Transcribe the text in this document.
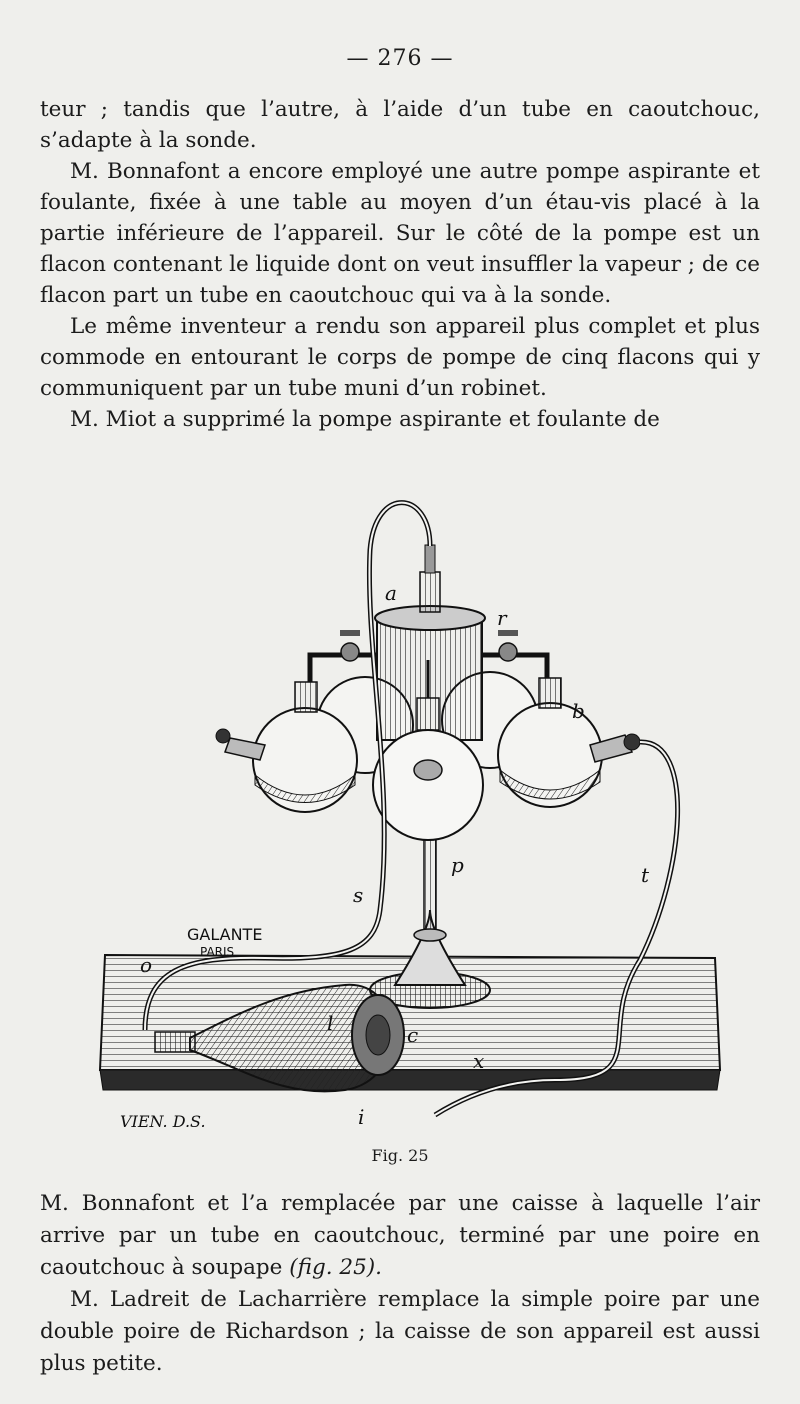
— 276 —

teur ; tandis que l’autre, à l’aide d’un tube en caoutchouc, s’adapte à la sonde.

M. Bonnafont a encore employé une autre pompe aspirante et foulante, fixée à une table au moyen d’un étau-vis placé à la partie inférieure de l’appareil. Sur le côté de la pompe est un flacon contenant le liquide dont on veut insuffler la vapeur ; de ce flacon part un tube en caoutchouc qui va à la sonde.

Le même inventeur a rendu son appareil plus complet et plus commode en entourant le corps de pompe de cinq flacons qui y communiquent par un tube muni d’un robinet.

M. Miot a supprimé la pompe aspirante et foulante de

a
r
b
t
p
s
o
l	c
x
i
GALANTE
PARIS
VIEN. D.S.
Fig. 25

M. Bonnafont et l’a remplacée par une caisse à laquelle l’air arrive par un tube en caoutchouc, terminé par une poire en caoutchouc à soupape (fig. 25).

M. Ladreit de Lacharrière remplace la simple poire par une double poire de Richardson ; la caisse de son appareil est aussi plus petite.
